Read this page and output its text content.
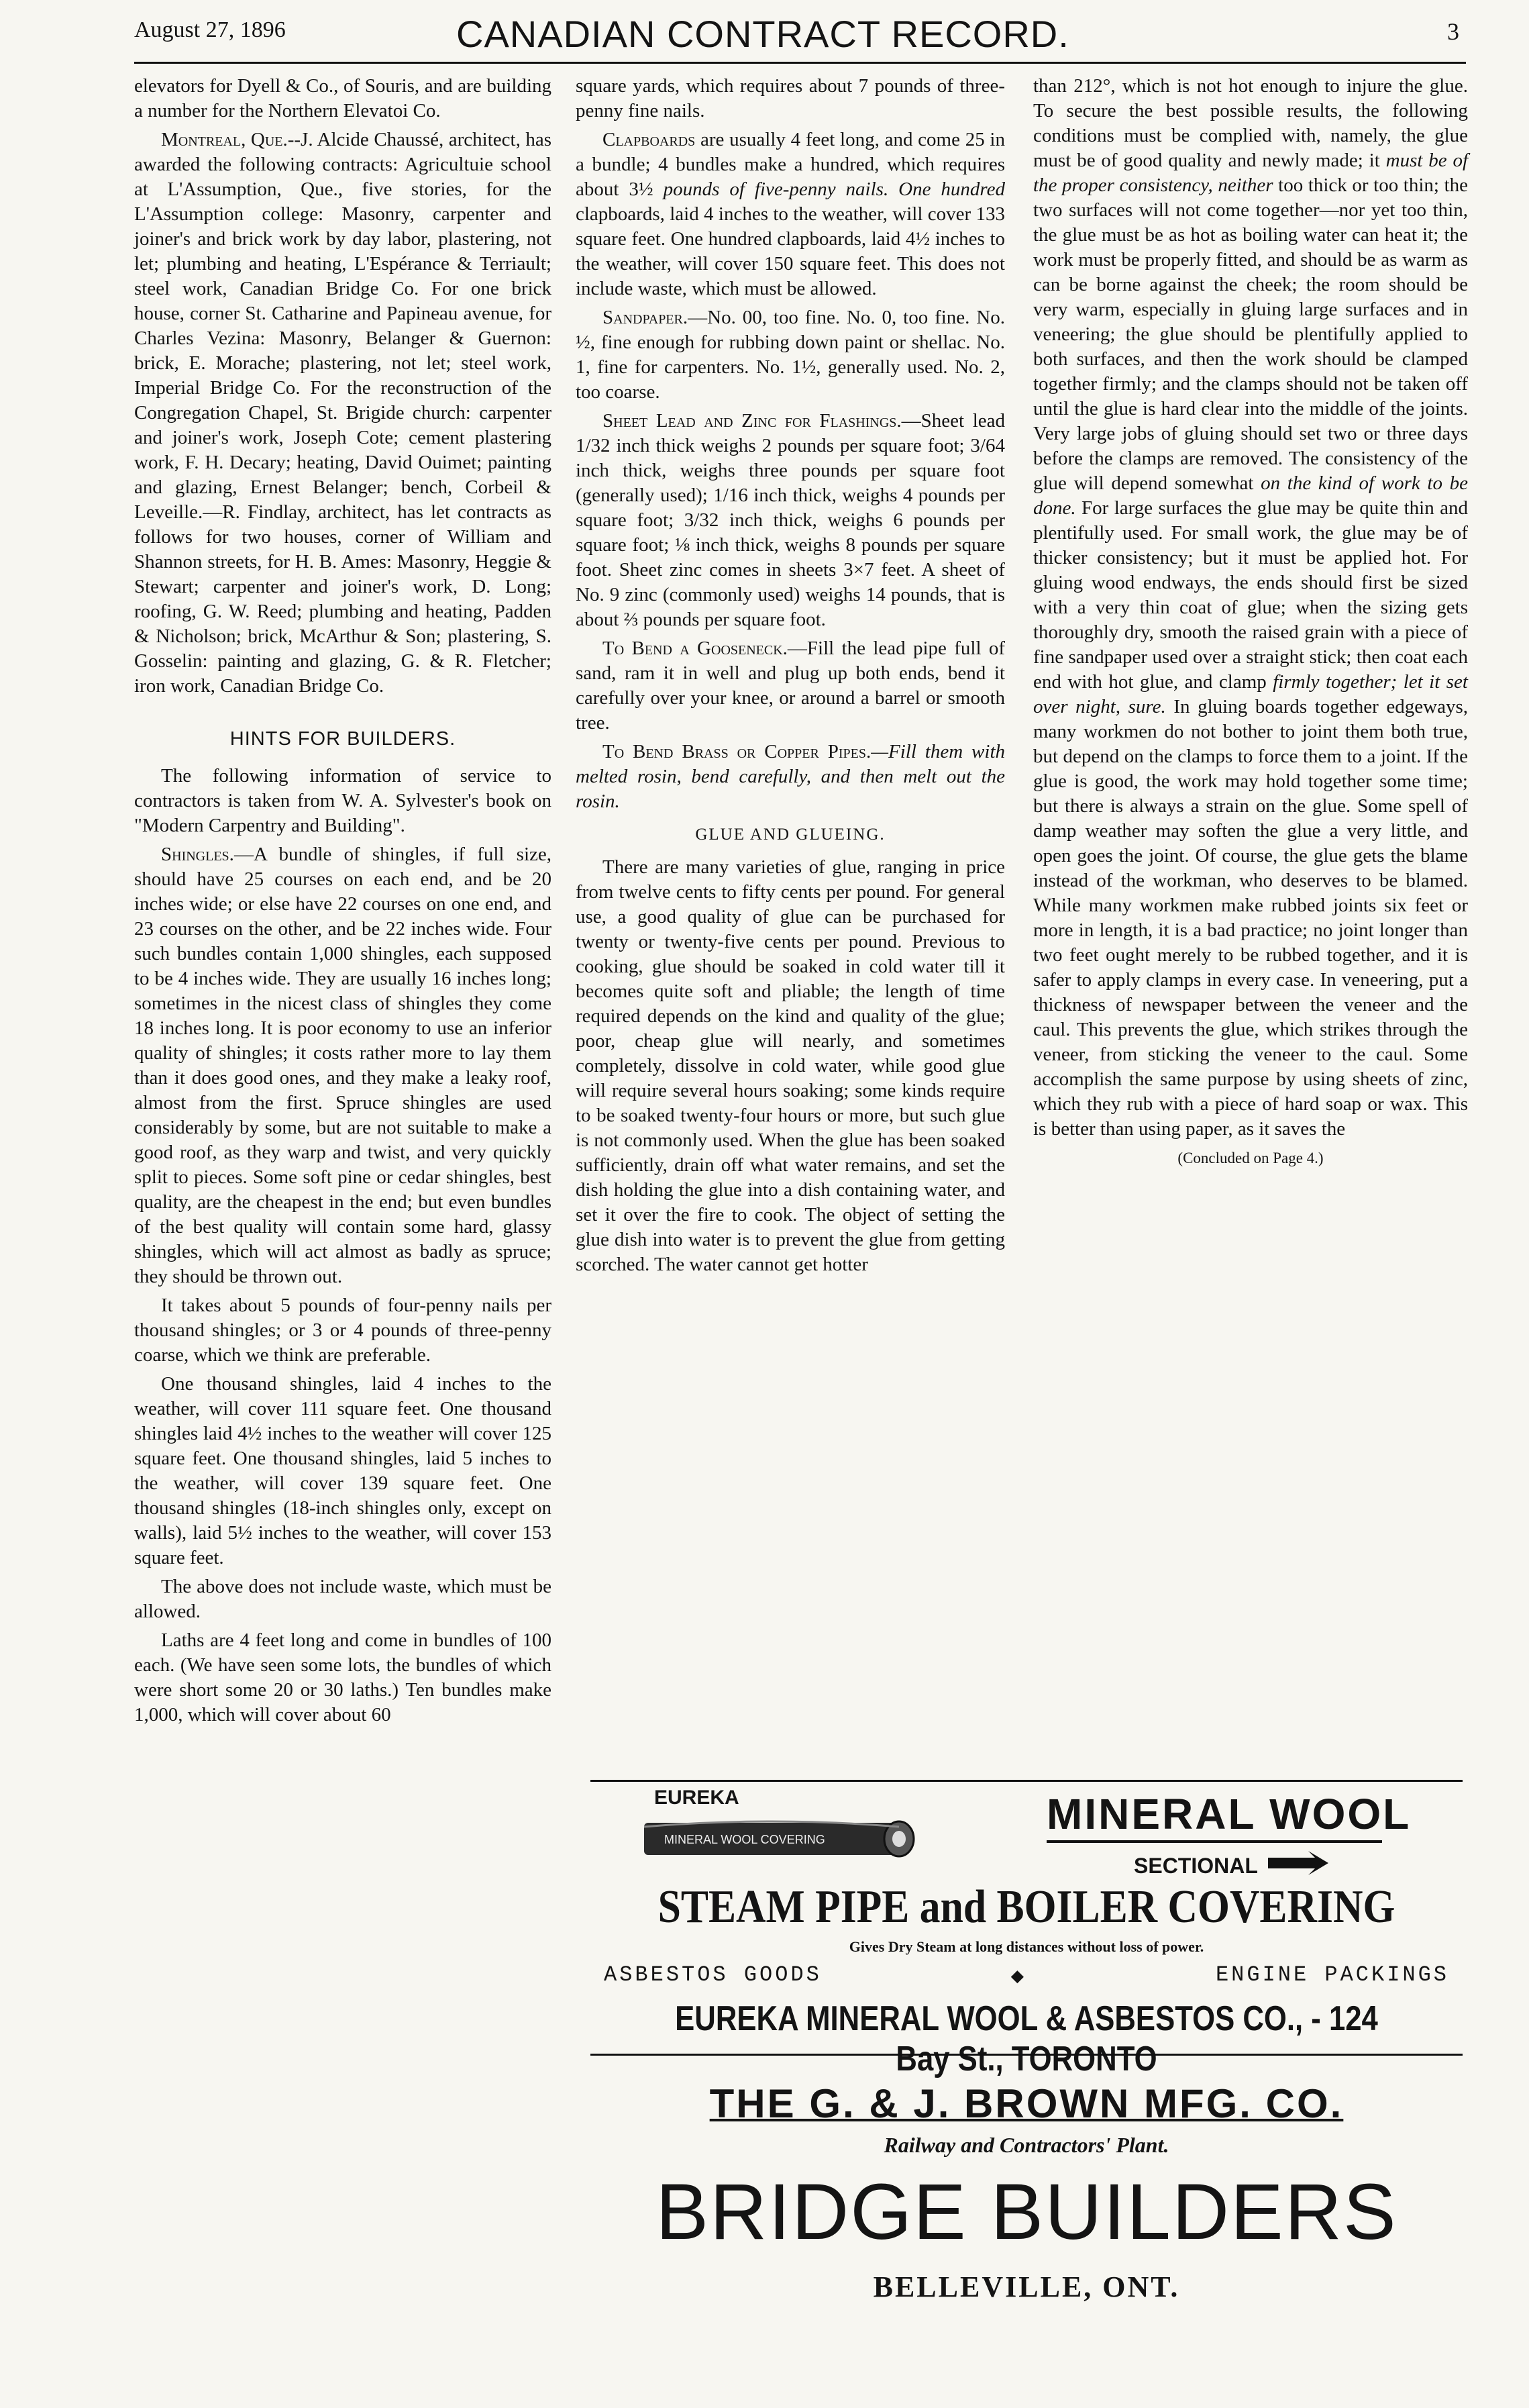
August 27, 1896	CANADIAN CONTRACT RECORD.	3

elevators for Dyell & Co., of Souris, and are building a number for the Northern Elevatoi Co.

Montreal, Que.--J. Alcide Chaussé, architect, has awarded the following contracts: Agricultuie school at L'Assumption, Que., five stories, for the L'Assumption college: Masonry, carpenter and joiner's and brick work by day labor, plastering, not let; plumbing and heating, L'Espérance & Terriault; steel work, Canadian Bridge Co. For one brick house, corner St. Catharine and Papineau avenue, for Charles Vezina: Masonry, Belanger & Guernon: brick, E. Morache; plastering, not let; steel work, Imperial Bridge Co. For the reconstruction of the Congregation Chapel, St. Brigide church: carpenter and joiner's work, Joseph Cote; cement plastering work, F. H. Decary; heating, David Ouimet; painting and glazing, Ernest Belanger; bench, Corbeil & Leveille.—R. Findlay, architect, has let contracts as follows for two houses, corner of William and Shannon streets, for H. B. Ames: Masonry, Heggie & Stewart; carpenter and joiner's work, D. Long; roofing, G. W. Reed; plumbing and heating, Padden & Nicholson; brick, McArthur & Son; plastering, S. Gosselin: painting and glazing, G. & R. Fletcher; iron work, Canadian Bridge Co.

HINTS FOR BUILDERS.

The following information of service to contractors is taken from W. A. Sylvester's book on "Modern Carpentry and Building".

Shingles.—A bundle of shingles, if full size, should have 25 courses on each end, and be 20 inches wide; or else have 22 courses on one end, and 23 courses on the other, and be 22 inches wide. Four such bundles contain 1,000 shingles, each supposed to be 4 inches wide. They are usually 16 inches long; sometimes in the nicest class of shingles they come 18 inches long. It is poor economy to use an inferior quality of shingles; it costs rather more to lay them than it does good ones, and they make a leaky roof, almost from the first. Spruce shingles are used considerably by some, but are not suitable to make a good roof, as they warp and twist, and very quickly split to pieces. Some soft pine or cedar shingles, best quality, are the cheapest in the end; but even bundles of the best quality will contain some hard, glassy shingles, which will act almost as badly as spruce; they should be thrown out.

It takes about 5 pounds of four-penny nails per thousand shingles; or 3 or 4 pounds of three-penny coarse, which we think are preferable.

One thousand shingles, laid 4 inches to the weather, will cover 111 square feet. One thousand shingles laid 4½ inches to the weather will cover 125 square feet. One thousand shingles, laid 5 inches to the weather, will cover 139 square feet. One thousand shingles (18-inch shingles only, except on walls), laid 5½ inches to the weather, will cover 153 square feet.

The above does not include waste, which must be allowed.

Laths are 4 feet long and come in bundles of 100 each. (We have seen some lots, the bundles of which were short some 20 or 30 laths.) Ten bundles make 1,000, which will cover about 60

square yards, which requires about 7 pounds of three-penny fine nails.

Clapboards are usually 4 feet long, and come 25 in a bundle; 4 bundles make a hundred, which requires about 3½ pounds of five-penny nails. One hundred clapboards, laid 4 inches to the weather, will cover 133 square feet. One hundred clapboards, laid 4½ inches to the weather, will cover 150 square feet. This does not include waste, which must be allowed.

Sandpaper.—No. 00, too fine. No. 0, too fine. No. ½, fine enough for rubbing down paint or shellac. No. 1, fine for carpenters. No. 1½, generally used. No. 2, too coarse.

Sheet Lead and Zinc for Flashings.—Sheet lead 1/32 inch thick weighs 2 pounds per square foot; 3/64 inch thick, weighs three pounds per square foot (generally used); 1/16 inch thick, weighs 4 pounds per square foot; 3/32 inch thick, weighs 6 pounds per square foot; ⅛ inch thick, weighs 8 pounds per square foot. Sheet zinc comes in sheets 3×7 feet. A sheet of No. 9 zinc (commonly used) weighs 14 pounds, that is about ⅔ pounds per square foot.

To Bend a Gooseneck.—Fill the lead pipe full of sand, ram it in well and plug up both ends, bend it carefully over your knee, or around a barrel or smooth tree.

To Bend Brass or Copper Pipes.—Fill them with melted rosin, bend carefully, and then melt out the rosin.

GLUE AND GLUEING.

There are many varieties of glue, ranging in price from twelve cents to fifty cents per pound. For general use, a good quality of glue can be purchased for twenty or twenty-five cents per pound. Previous to cooking, glue should be soaked in cold water till it becomes quite soft and pliable; the length of time required depends on the kind and quality of the glue; poor, cheap glue will nearly, and sometimes completely, dissolve in cold water, while good glue will require several hours soaking; some kinds require to be soaked twenty-four hours or more, but such glue is not commonly used. When the glue has been soaked sufficiently, drain off what water remains, and set the dish holding the glue into a dish containing water, and set it over the fire to cook. The object of setting the glue dish into water is to prevent the glue from getting scorched. The water cannot get hotter

than 212°, which is not hot enough to injure the glue. To secure the best possible results, the following conditions must be complied with, namely, the glue must be of good quality and newly made; it must be of the proper consistency, neither too thick or too thin; the two surfaces will not come together—nor yet too thin, the glue must be as hot as boiling water can heat it; the work must be properly fitted, and should be as warm as can be borne against the cheek; the room should be very warm, especially in gluing large surfaces and in veneering; the glue should be plentifully applied to both surfaces, and then the work should be clamped together firmly; and the clamps should not be taken off until the glue is hard clear into the middle of the joints. Very large jobs of gluing should set two or three days before the clamps are removed. The consistency of the glue will depend somewhat on the kind of work to be done. For large surfaces the glue may be quite thin and plentifully used. For small work, the glue may be of thicker consistency; but it must be applied hot. For gluing wood endways, the ends should first be sized with a very thin coat of glue; when the sizing gets thoroughly dry, smooth the raised grain with a piece of fine sandpaper used over a straight stick; then coat each end with hot glue, and clamp firmly together; let it set over night, sure. In gluing boards together edgeways, many workmen do not bother to joint them both true, but depend on the clamps to force them to a joint. If the glue is good, the work may hold together some time; but there is always a strain on the glue. Some spell of damp weather may soften the glue a very little, and open goes the joint. Of course, the glue gets the blame instead of the workman, who deserves to be blamed. While many workmen make rubbed joints six feet or more in length, it is a bad practice; no joint longer than two feet ought merely to be rubbed together, and it is safer to apply clamps in every case. In veneering, put a thickness of newspaper between the veneer and the caul. This prevents the glue, which strikes through the veneer, from sticking the veneer to the caul. Some accomplish the same purpose by using sheets of zinc, which they rub with a piece of hard soap or wax. This is better than using paper, as it saves the

(Concluded on Page 4.)
EUREKA
MINERAL WOOL COVERING
MINERAL WOOL
SECTIONAL
STEAM PIPE and BOILER COVERING
Gives Dry Steam at long distances without loss of power.
ASBESTOS GOODS	◆	ENGINE PACKINGS
EUREKA MINERAL WOOL & ASBESTOS CO., - 124 Bay St., TORONTO
THE G. & J. BROWN MFG. CO.
Railway and Contractors' Plant.
BRIDGE BUILDERS
BELLEVILLE, ONT.
